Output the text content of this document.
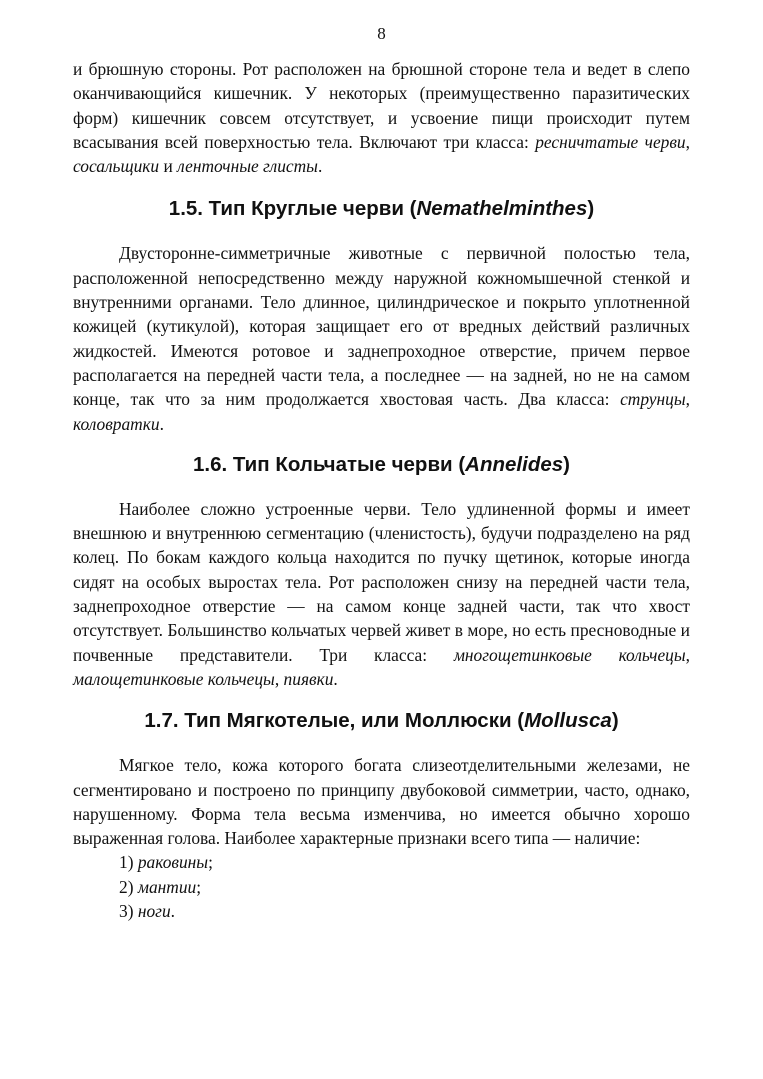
8

и брюшную стороны. Рот расположен на брюшной стороне тела и ведет в слепо оканчивающийся кишечник. У некоторых (преимущественно паразитических форм) кишечник совсем отсутствует, и усвоение пищи происходит путем всасывания всей поверхностью тела. Включают три класса: ресничтатые черви, сосальщики и ленточные глисты.

1.5. Тип Круглые черви (Nemathelminthes)

Двусторонне-симметричные животные с первичной полостью тела, расположенной непосредственно между наружной кожномышечной стенкой и внутренними органами. Тело длинное, цилиндрическое и покрыто уплотненной кожицей (кутикулой), которая защищает его от вредных действий различных жидкостей. Имеются ротовое и заднепроходное отверстие, причем первое располагается на передней части тела, а последнее — на задней, но не на самом конце, так что за ним продолжается хвостовая часть. Два класса: струнцы, коловратки.

1.6. Тип Кольчатые черви (Annelides)

Наиболее сложно устроенные черви. Тело удлиненной формы и имеет внешнюю и внутреннюю сегментацию (членистость), будучи подразделено на ряд колец. По бокам каждого кольца находится по пучку щетинок, которые иногда сидят на особых выростах тела. Рот расположен снизу на передней части тела, заднепроходное отверстие — на самом конце задней части, так что хвост отсутствует. Большинство кольчатых червей живет в море, но есть пресноводные и почвенные представители. Три класса: многощетинковые кольчецы, малощетинковые кольчецы, пиявки.

1.7. Тип Мягкотелые, или Моллюски (Mollusca)

Мягкое тело, кожа которого богата слизеотделительными железами, не сегментировано и построено по принципу двубоковой симметрии, часто, однако, нарушенному. Форма тела весьма изменчива, но имеется обычно хорошо выраженная голова. Наиболее характерные признаки всего типа — наличие:

1) раковины;
2) мантии;
3) ноги.
